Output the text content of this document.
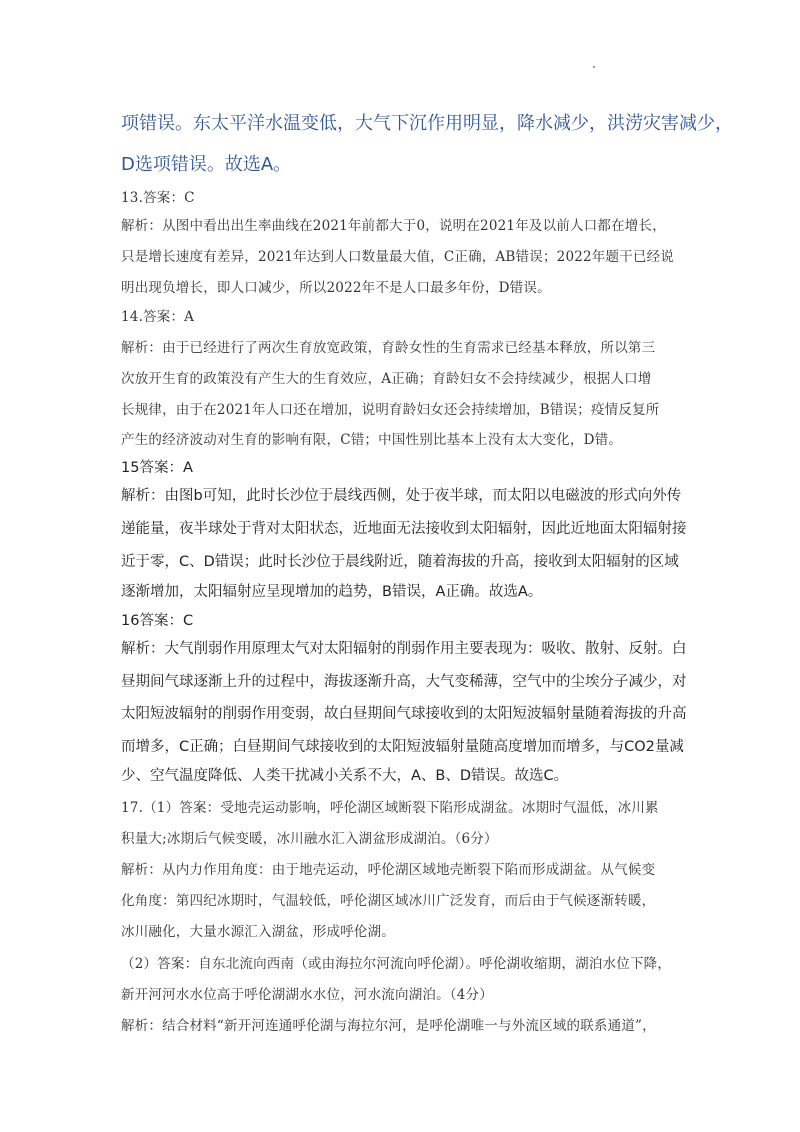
项错误。东太平洋水温变低，大气下沉作用明显，降水减少，洪涝灾害减少，
D选项错误。故选A。
13.答案：C
解析：从图中看出出生率曲线在2021年前都大于0，说明在2021年及以前人口都在增长，
只是增长速度有差异，2021年达到人口数量最大值，C正确，AB错误；2022年题干已经说
明出现负增长，即人口减少，所以2022年不是人口最多年份，D错误。
14.答案：A
解析：由于已经进行了两次生育放宽政策，育龄女性的生育需求已经基本释放，所以第三
次放开生育的政策没有产生大的生育效应，A正确；育龄妇女不会持续减少，根据人口增
长规律，由于在2021年人口还在增加，说明育龄妇女还会持续增加，B错误；疫情反复所
产生的经济波动对生育的影响有限，C错；中国性别比基本上没有太大变化，D错。
15答案：A
解析：由图b可知，此时长沙位于晨线西侧，处于夜半球，而太阳以电磁波的形式向外传
递能量，夜半球处于背对太阳状态，近地面无法接收到太阳辐射，因此近地面太阳辐射接
近于零，C、D错误；此时长沙位于晨线附近，随着海拔的升高，接收到太阳辐射的区域
逐渐增加，太阳辐射应呈现增加的趋势，B错误，A正确。故选A。
16答案：C
解析：大气削弱作用原理太气对太阳辐射的削弱作用主要表现为：吸收、散射、反射。白
昼期间气球逐渐上升的过程中，海拔逐渐升高，大气变稀薄，空气中的尘埃分子减少，对
太阳短波辐射的削弱作用变弱，故白昼期间气球接收到的太阳短波辐射量随着海拔的升高
而增多，C正确；白昼期间气球接收到的太阳短波辐射量随高度增加而增多，与CO2量减
少、空气温度降低、人类干扰减小关系不大，A、B、D错误。故选C。
17.（1）答案：受地壳运动影响，呼伦湖区域断裂下陷形成湖盆。冰期时气温低，冰川累
积量大;冰期后气候变暖，冰川融水汇入湖盆形成湖泊。（6分）
解析：从内力作用角度：由于地壳运动，呼伦湖区域地壳断裂下陷而形成湖盆。从气候变
化角度：第四纪冰期时，气温较低，呼伦湖区域冰川广泛发育，而后由于气候逐渐转暖，
冰川融化，大量水源汇入湖盆，形成呼伦湖。
（2）答案：自东北流向西南（或由海拉尔河流向呼伦湖）。呼伦湖收缩期，湖泊水位下降，
新开河河水水位高于呼伦湖湖水水位，河水流向湖泊。（4分）
解析：结合材料“新开河连通呼伦湖与海拉尔河，是呼伦湖唯一与外流区域的联系通道”，
